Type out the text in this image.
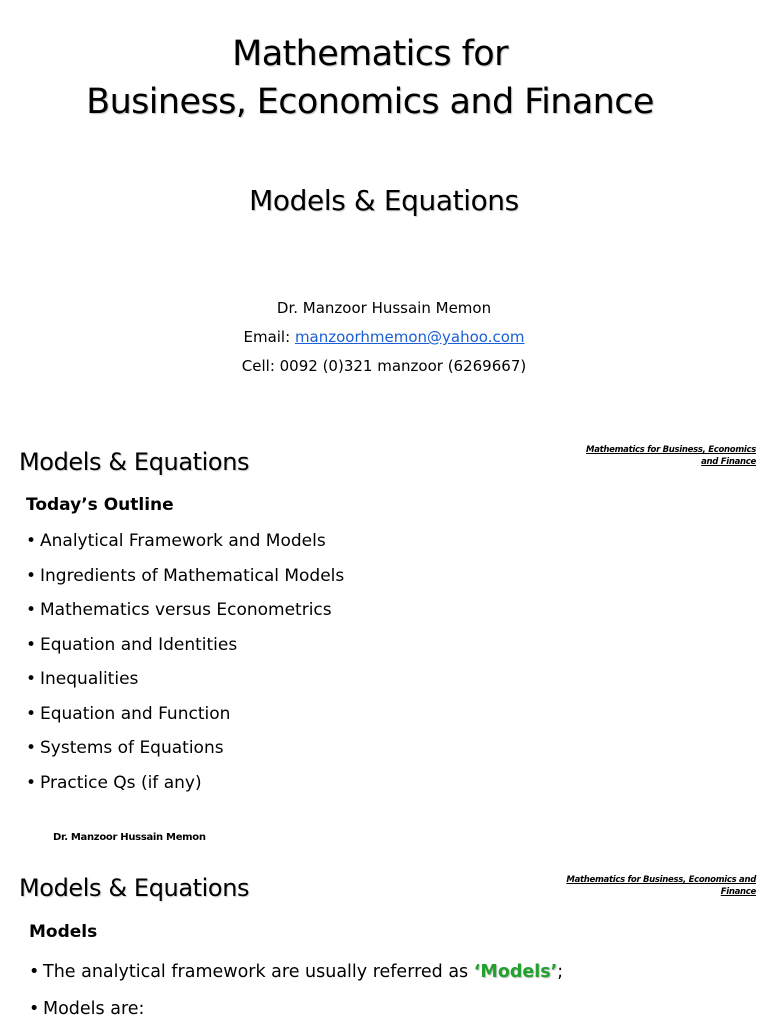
Mathematics for
Business, Economics and Finance
Models & Equations
Dr. Manzoor Hussain Memon
Email: manzoorhmemon@yahoo.com
Cell: 0092 (0)321 manzoor (6269667)
Models & Equations	Mathematics for Business, Economics
and Finance
Today’s Outline
• Analytical Framework and Models
• Ingredients of Mathematical Models
• Mathematics versus Econometrics
• Equation and Identities
• Inequalities
• Equation and Function
• Systems of Equations
• Practice Qs (if any)
Dr. Manzoor Hussain Memon
Models & Equations	Mathematics for Business, Economics and
Finance
Models
• The analytical framework are usually referred as ‘Models’;
• Models are:
